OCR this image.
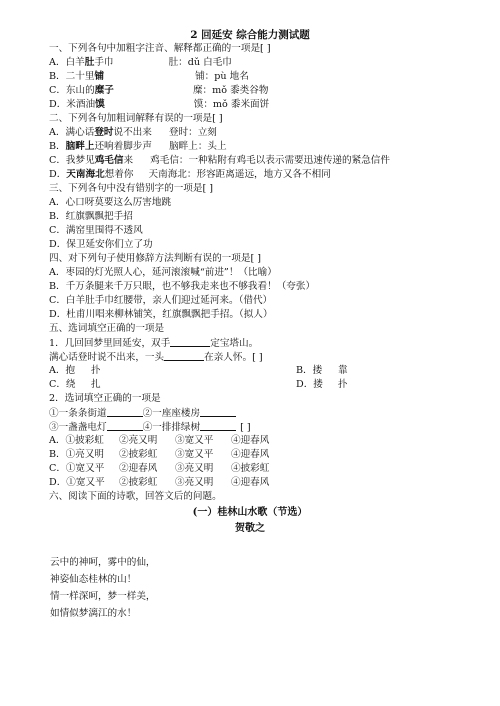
2 回延安 综合能力测试题
一、下列各句中加粗字注音、解释都正确的一项是[ ]
A．白羊肚手巾	肚：dǔ 白毛巾
B．二十里铺	铺：pù 地名
C．东山的糜子	糜：mǒ 黍类谷物
D．米酒油馍	馍：mǒ 黍米面饼
二、下列各句加粗词解释有误的一项是[ ]
A．满心话登时说不出来 登时：立刻
B．脑畔上还响着脚步声 脑畔上：头上
C．我梦见鸡毛信来 鸡毛信：一种粘附有鸡毛以表示需要迅速传递的紧急信件
D．天南海北想着你 天南海北：形容距离遥远，地方又各不相同
三、下列各句中没有错别字的一项是[ ]
A．心口呀莫要这么厉害地跳
B．红旗飘飘把手招
C．满窑里围得不透风
D．保卫延安你们立了功
四、对下列句子使用修辞方法判断有误的一项是[ ]
A．枣园的灯光照人心，延河滚滚喊“前进”！（比喻）
B．千万条腿来千万只眼，也不够我走来也不够我看！（夸张）
C．白羊肚手巾红腰带，亲人们迎过延河来。（借代）
D．杜甫川唱来柳林铺笑，红旗飘飘把手招。（拟人）
五、选词填空正确的一项是
1．几回回梦里回延安，双手	定宝塔山。
满心话登时说不出来，一头	在亲人怀。[ ]
A．抱 扑	B．搂 靠
C．绕 扎	D．搂 扑
2．选词填空正确的一项是
①一条条街道	②一座座楼房
③一盏盏电灯	④一排排绿树	[ ]
A．①披彩虹 ②亮又明 ③宽又平 ④迎春风
B．①亮又明 ②披彩虹 ③宽又平 ④迎春风
C．①宽又平 ②迎春风 ③亮又明 ④披彩虹
D．①宽又平 ②披彩虹 ③亮又明 ④迎春风
六、阅读下面的诗歌，回答文后的问题。
(一）桂林山水歌（节选）
贺敬之
云中的神呵，雾中的仙，
神姿仙态桂林的山！
情一样深呵，梦一样美，
如情似梦漓江的水！
